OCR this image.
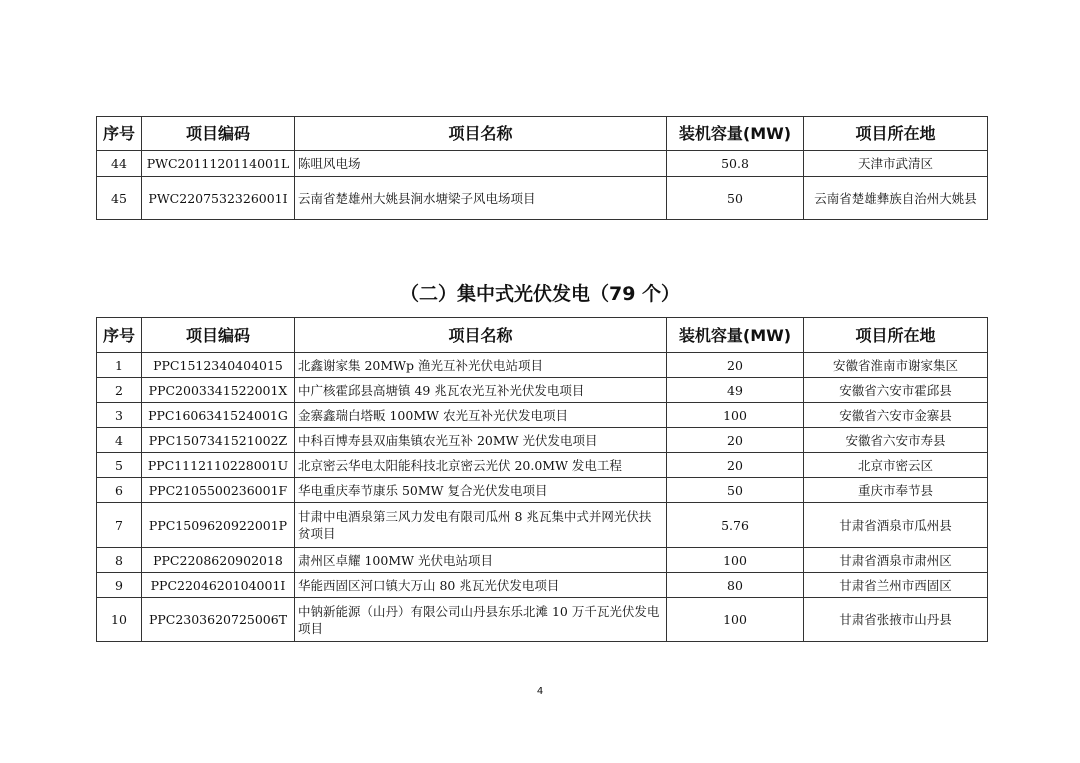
序号	项目编码	项目名称	装机容量(MW)	项目所在地
44	PWC2011120114001L	陈咀风电场	50.8	天津市武清区
45	PWC2207532326001I	云南省楚雄州大姚县涧水塘梁子风电场项目	50	云南省楚雄彝族自治州大姚县
（二）集中式光伏发电（79 个）
序号	项目编码	项目名称	装机容量(MW)	项目所在地
1	PPC1512340404015	北鑫谢家集 20MWp 渔光互补光伏电站项目	20	安徽省淮南市谢家集区
2	PPC2003341522001X	中广核霍邱县高塘镇 49 兆瓦农光互补光伏发电项目	49	安徽省六安市霍邱县
3	PPC1606341524001G	金寨鑫瑞白塔畈 100MW 农光互补光伏发电项目	100	安徽省六安市金寨县
4	PPC1507341521002Z	中科百博寿县双庙集镇农光互补 20MW 光伏发电项目	20	安徽省六安市寿县
5	PPC1112110228001U	北京密云华电太阳能科技北京密云光伏 20.0MW 发电工程	20	北京市密云区
6	PPC2105500236001F	华电重庆奉节康乐 50MW 复合光伏发电项目	50	重庆市奉节县
7	PPC1509620922001P	甘肃中电酒泉第三风力发电有限司瓜州 8 兆瓦集中式并网光伏扶贫项目	5.76	甘肃省酒泉市瓜州县
8	PPC2208620902018	肃州区卓耀 100MW 光伏电站项目	100	甘肃省酒泉市肃州区
9	PPC2204620104001I	华能西固区河口镇大万山 80 兆瓦光伏发电项目	80	甘肃省兰州市西固区
10	PPC2303620725006T	中钠新能源（山丹）有限公司山丹县东乐北滩 10 万千瓦光伏发电项目	100	甘肃省张掖市山丹县
4
